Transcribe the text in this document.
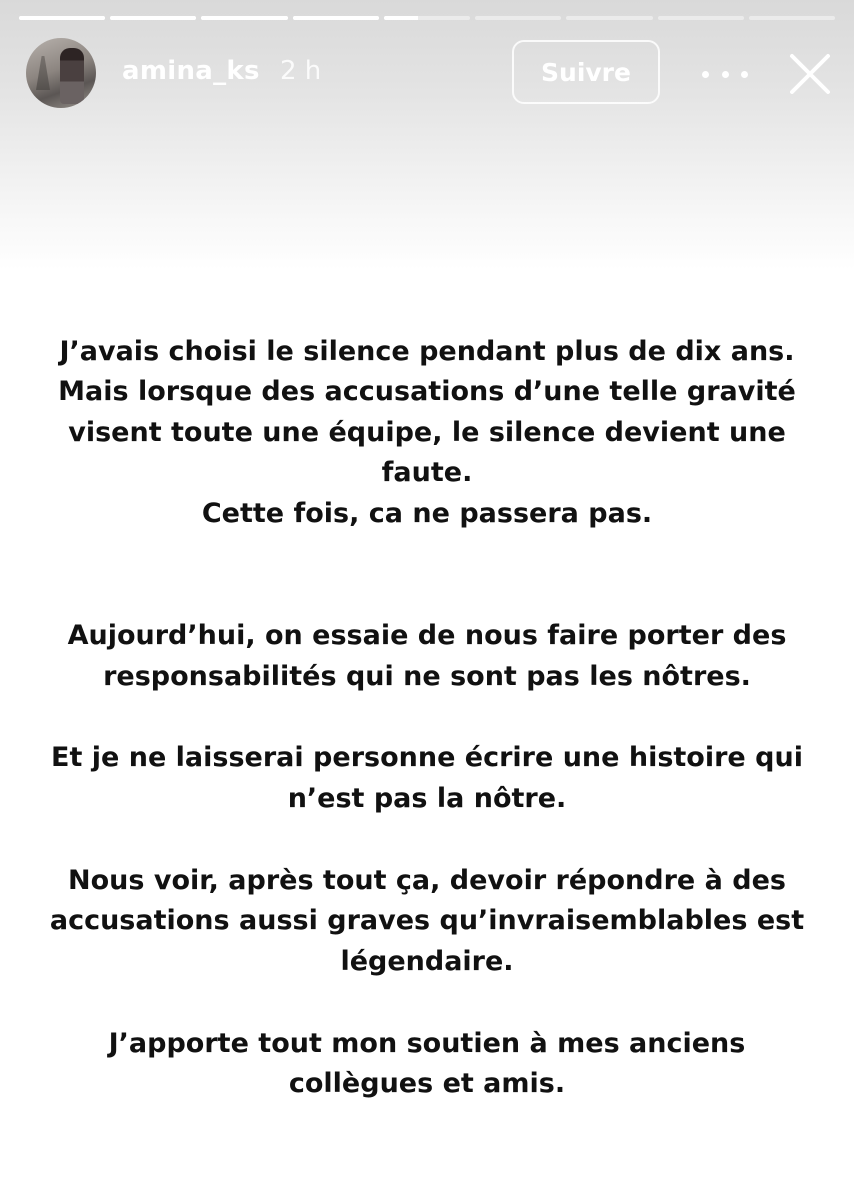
amina_ks 2 h	Suivre

J’avais choisi le silence pendant plus de dix ans.

Mais lorsque des accusations d’une telle gravité

visent toute une équipe, le silence devient une

faute.

Cette fois, ca ne passera pas.

Aujourd’hui, on essaie de nous faire porter des

responsabilités qui ne sont pas les nôtres.

Et je ne laisserai personne écrire une histoire qui

n’est pas la nôtre.

Nous voir, après tout ça, devoir répondre à des

accusations aussi graves qu’invraisemblables est

légendaire.

J’apporte tout mon soutien à mes anciens

collègues et amis.
